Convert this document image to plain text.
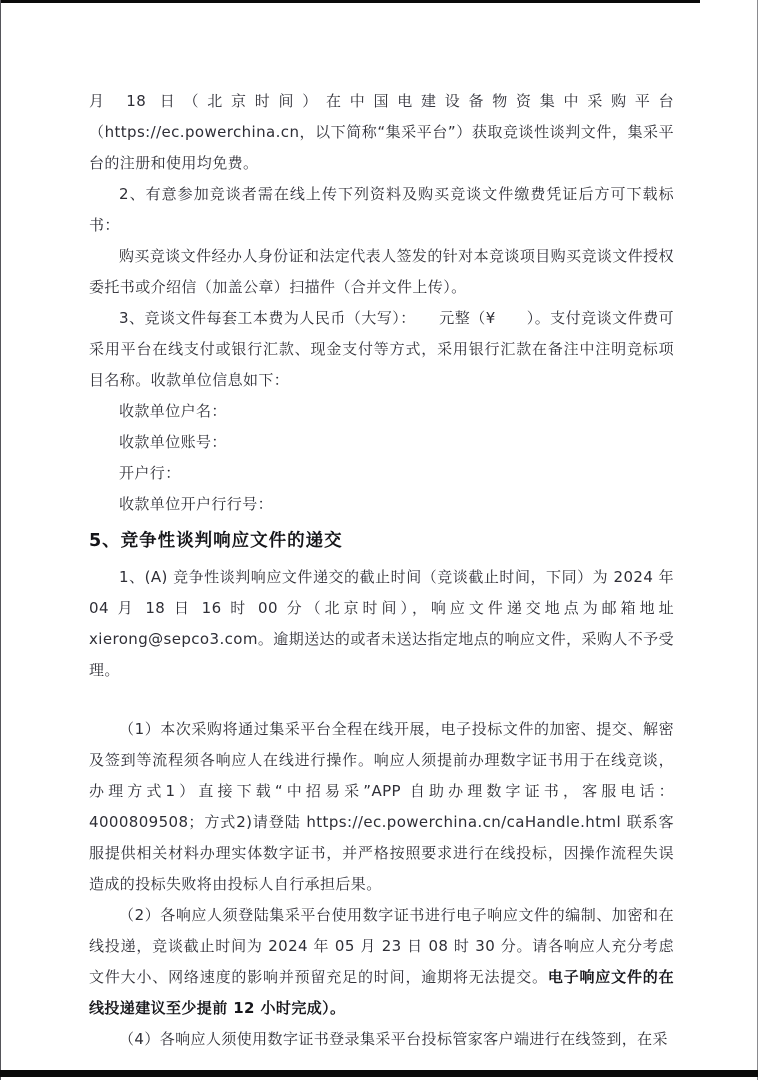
月 18 日（北京时间）在中国电建设备物资集中采购平台（https://ec.powerchina.cn，以下简称“集采平台”）获取竞谈性谈判文件，集采平台的注册和使用均免费。

2、有意参加竞谈者需在线上传下列资料及购买竞谈文件缴费凭证后方可下载标书：

购买竞谈文件经办人身份证和法定代表人签发的针对本竞谈项目购买竞谈文件授权委托书或介绍信（加盖公章）扫描件（合并文件上传）。

3、竞谈文件每套工本费为人民币（大写）：　　元整（¥　　）。支付竞谈文件费可采用平台在线支付或银行汇款、现金支付等方式，采用银行汇款在备注中注明竞标项目名称。收款单位信息如下：

收款单位户名：

收款单位账号：

开户行：

收款单位开户行行号：

5、竞争性谈判响应文件的递交

1、(A) 竞争性谈判响应文件递交的截止时间（竞谈截止时间，下同）为 2024 年 04 月 18 日 16 时 00 分（北京时间），响应文件递交地点为邮箱地址 xierong@sepco3.com。逾期送达的或者未送达指定地点的响应文件，采购人不予受理。

（1）本次采购将通过集采平台全程在线开展，电子投标文件的加密、提交、解密及签到等流程须各响应人在线进行操作。响应人须提前办理数字证书用于在线竞谈，办理方式1）直接下载“中招易采”APP 自助办理数字证书，客服电话：4000809508；方式2)请登陆 https://ec.powerchina.cn/caHandle.html 联系客服提供相关材料办理实体数字证书，并严格按照要求进行在线投标，因操作流程失误造成的投标失败将由投标人自行承担后果。

（2）各响应人须登陆集采平台使用数字证书进行电子响应文件的编制、加密和在线投递，竞谈截止时间为 2024 年 05 月 23 日 08 时 30 分。请各响应人充分考虑文件大小、网络速度的影响并预留充足的时间，逾期将无法提交。电子响应文件的在线投递建议至少提前 12 小时完成）。

（4）各响应人须使用数字证书登录集采平台投标管家客户端进行在线签到，在采
